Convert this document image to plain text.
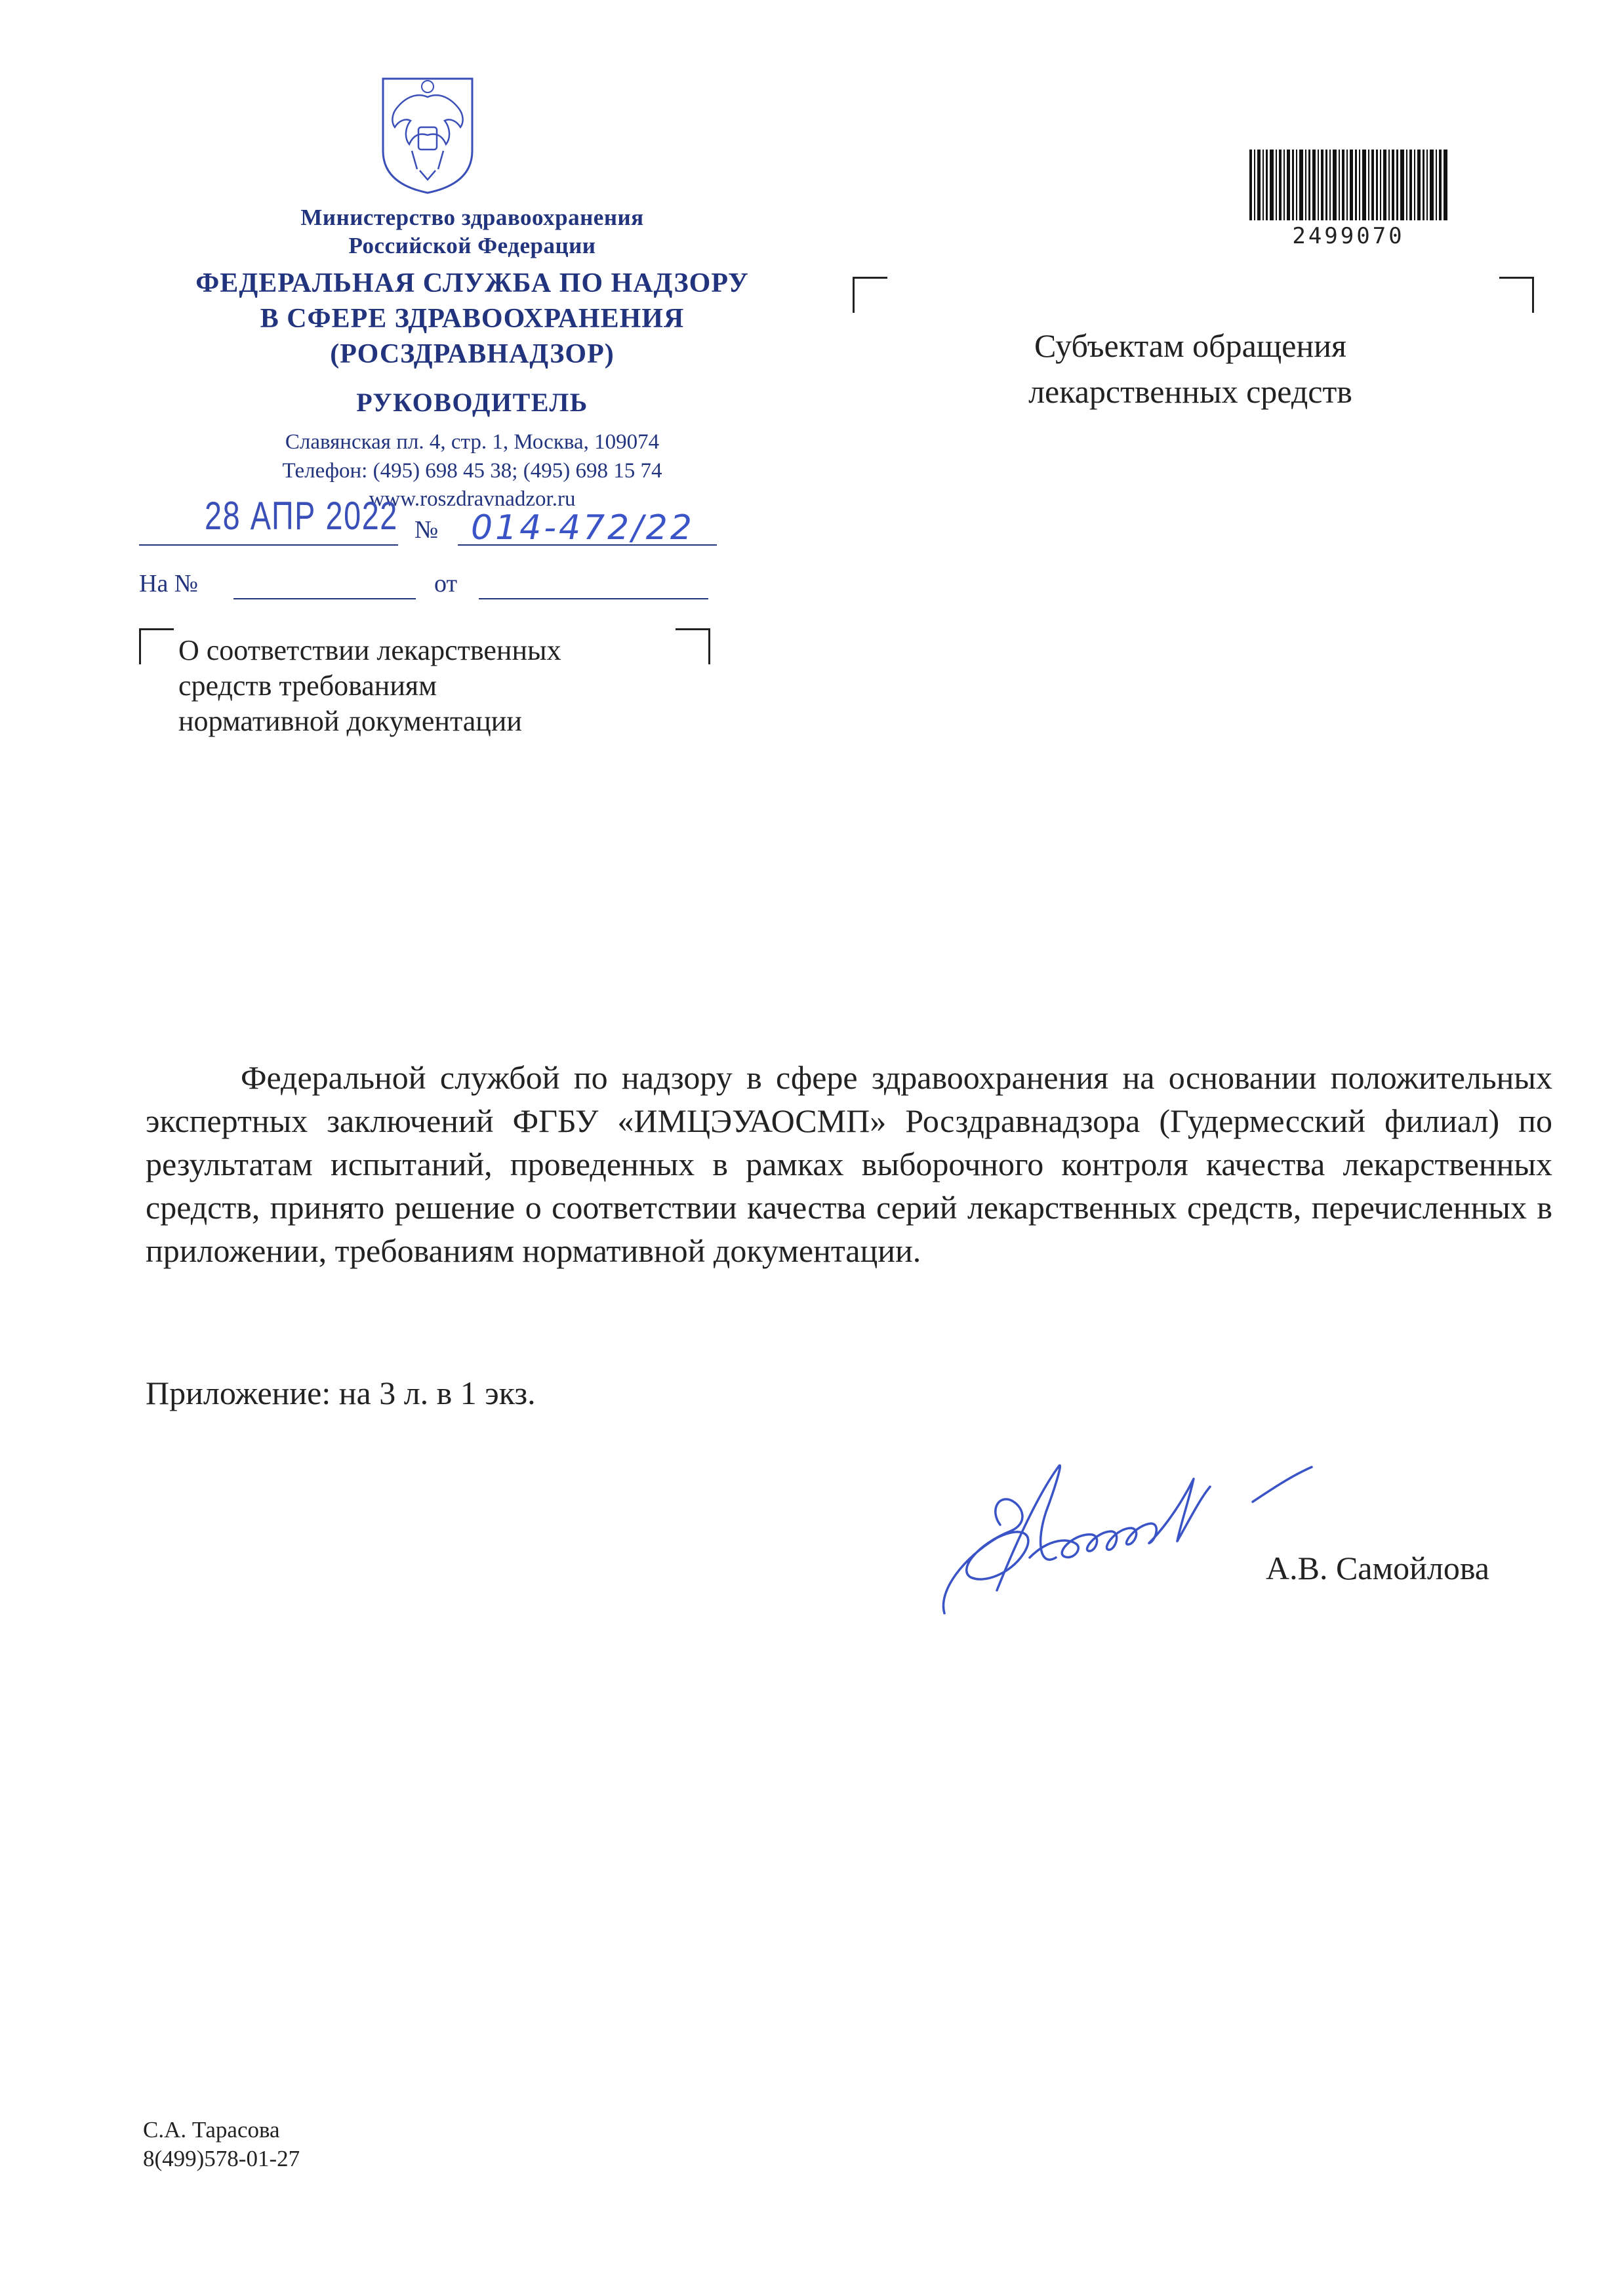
Министерство здравоохранения
Российской Федерации
ФЕДЕРАЛЬНАЯ СЛУЖБА ПО НАДЗОРУ
В СФЕРЕ ЗДРАВООХРАНЕНИЯ
(РОСЗДРАВНАДЗОР)
РУКОВОДИТЕЛЬ
Славянская пл. 4, стр. 1, Москва, 109074
Телефон: (495) 698 45 38; (495) 698 15 74
www.roszdravnadzor.ru
28 АПР 2022 № 014-472/22
На №	от
О соответствии лекарственных
средств требованиям
нормативной документации
2499070
Субъектам обращения
лекарственных средств
Федеральной службой по надзору в сфере здравоохранения на основании положительных экспертных заключений ФГБУ «ИМЦЭУАОСМП» Росздравнадзора (Гудермесский филиал) по результатам испытаний, проведенных в рамках выборочного контроля качества лекарственных средств, принято решение о соответствии качества серий лекарственных средств, перечисленных в приложении, требованиям нормативной документации.
Приложение: на 3 л. в 1 экз.
А.В. Самойлова
С.А. Тарасова
8(499)578-01-27
